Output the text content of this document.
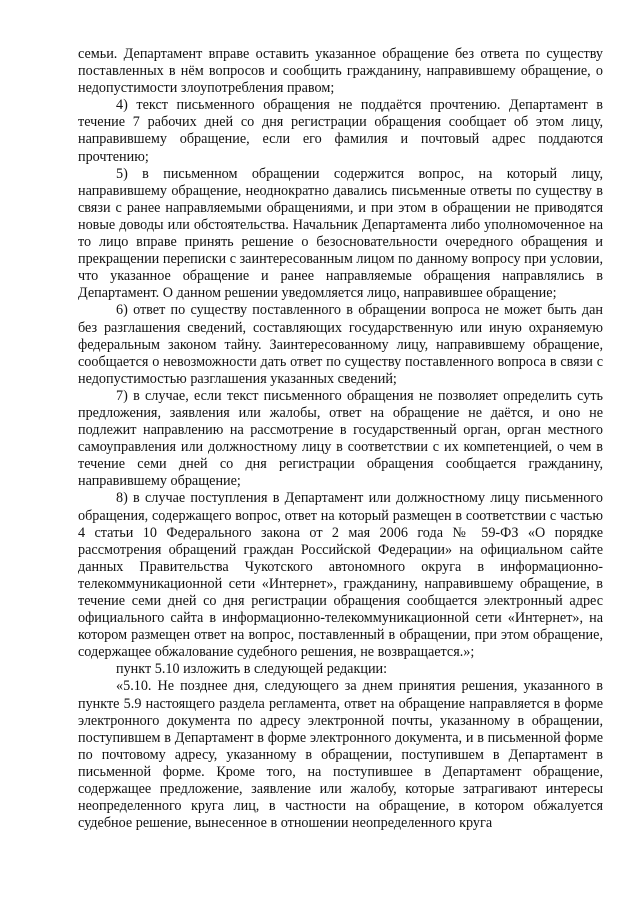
семьи. Департамент вправе оставить указанное обращение без ответа по существу поставленных в нём вопросов и сообщить гражданину, направившему обращение, о недопустимости злоупотребления правом;

4) текст письменного обращения не поддаётся прочтению. Департамент в течение 7 рабочих дней со дня регистрации обращения сообщает об этом лицу, направившему обращение, если его фамилия и почтовый адрес поддаются прочтению;

5) в письменном обращении содержится вопрос, на который лицу, направившему обращение, неоднократно давались письменные ответы по существу в связи с ранее направляемыми обращениями, и при этом в обращении не приводятся новые доводы или обстоятельства. Начальник Департамента либо уполномоченное на то лицо вправе принять решение о безосновательности очередного обращения и прекращении переписки с заинтересованным лицом по данному вопросу при условии, что указанное обращение и ранее направляемые обращения направлялись в Департамент. О данном решении уведомляется лицо, направившее обращение;

6) ответ по существу поставленного в обращении вопроса не может быть дан без разглашения сведений, составляющих государственную или иную охраняемую федеральным законом тайну. Заинтересованному лицу, направившему обращение, сообщается о невозможности дать ответ по существу поставленного вопроса в связи с недопустимостью разглашения указанных сведений;

7) в случае, если текст письменного обращения не позволяет определить суть предложения, заявления или жалобы, ответ на обращение не даётся, и оно не подлежит направлению на рассмотрение в государственный орган, орган местного самоуправления или должностному лицу в соответствии с их компетенцией, о чем в течение семи дней со дня регистрации обращения сообщается гражданину, направившему обращение;

8) в случае поступления в Департамент или должностному лицу письменного обращения, содержащего вопрос, ответ на который размещен в соответствии с частью 4 статьи 10 Федерального закона от 2 мая 2006 года № 59-ФЗ «О порядке рассмотрения обращений граждан Российской Федерации» на официальном сайте данных Правительства Чукотского автономного округа в информационно-телекоммуникационной сети «Интернет», гражданину, направившему обращение, в течение семи дней со дня регистрации обращения сообщается электронный адрес официального сайта в информационно-телекоммуникационной сети «Интернет», на котором размещен ответ на вопрос, поставленный в обращении, при этом обращение, содержащее обжалование судебного решения, не возвращается.»;

пункт 5.10 изложить в следующей редакции:

«5.10. Не позднее дня, следующего за днем принятия решения, указанного в пункте 5.9 настоящего раздела регламента, ответ на обращение направляется в форме электронного документа по адресу электронной почты, указанному в обращении, поступившем в Департамент в форме электронного документа, и в письменной форме по почтовому адресу, указанному в обращении, поступившем в Департамент в письменной форме. Кроме того, на поступившее в Департамент обращение, содержащее предложение, заявление или жалобу, которые затрагивают интересы неопределенного круга лиц, в частности на обращение, в котором обжалуется судебное решение, вынесенное в отношении неопределенного круга
